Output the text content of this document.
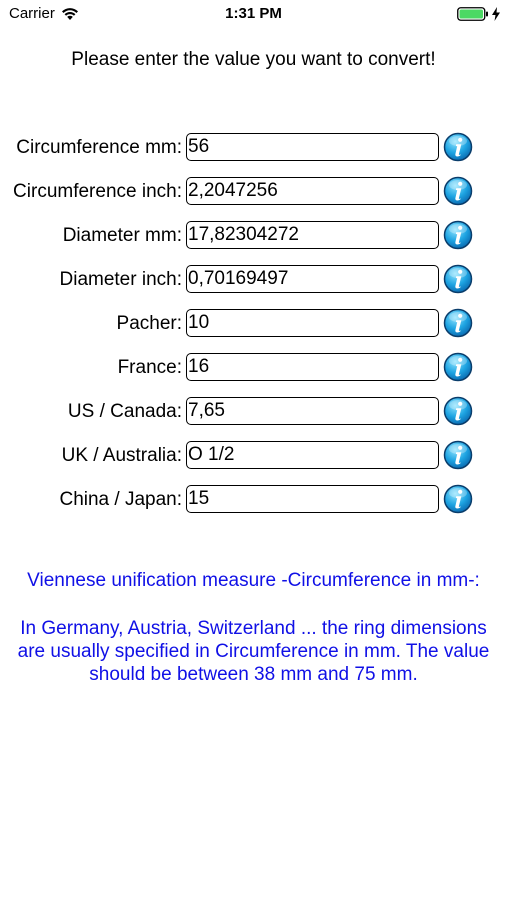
Carrier	1:31 PM
Please enter the value you want to convert!
Circumference mm:
56
Circumference inch:
2,2047256
Diameter mm:
17,82304272
Diameter inch:
0,70169497
Pacher:
10
France:
16
US / Canada:
7,65
UK / Australia:
O 1/2
China / Japan:
15
Viennese unification measure -Circumference in mm-:
In Germany, Austria, Switzerland ... the ring dimensions are usually specified in Circumference in mm. The value should be between 38 mm and 75 mm.
